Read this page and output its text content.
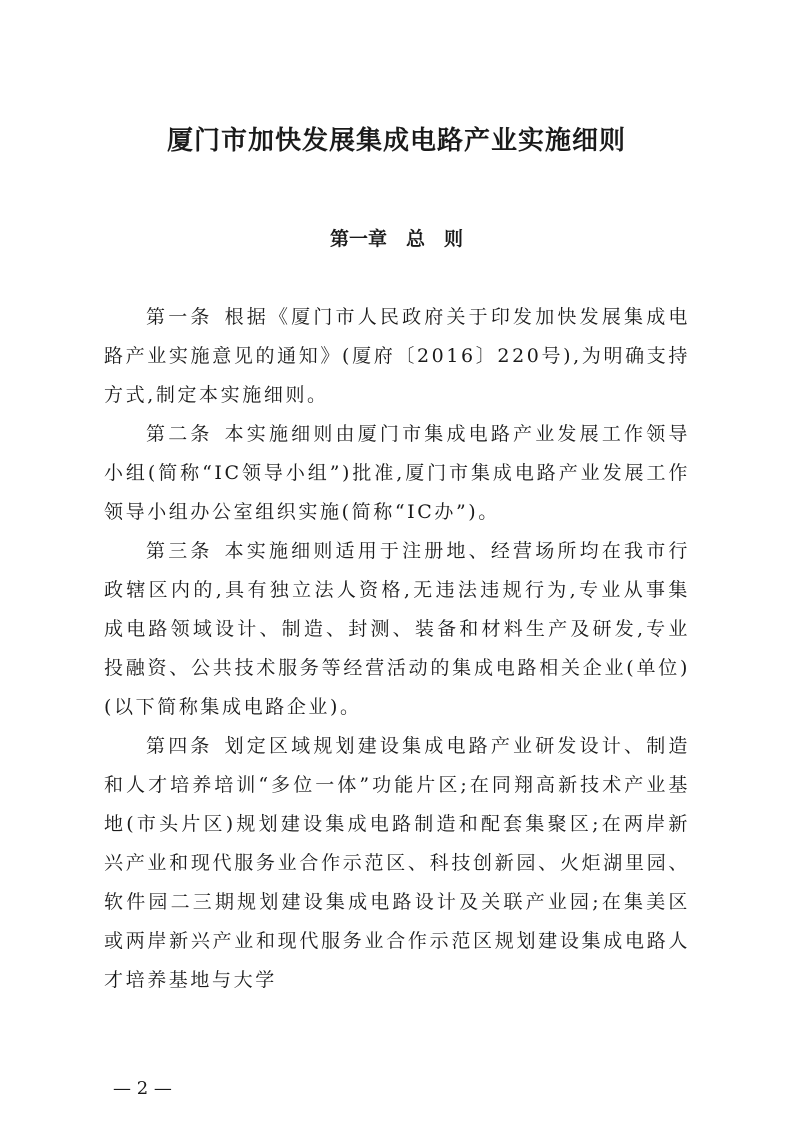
厦门市加快发展集成电路产业实施细则
第一章　总　则

第一条 根据《厦门市人民政府关于印发加快发展集成电路产业实施意见的通知》(厦府〔2016〕220号),为明确支持方式,制定本实施细则。

第二条 本实施细则由厦门市集成电路产业发展工作领导小组(简称“IC领导小组”)批准,厦门市集成电路产业发展工作领导小组办公室组织实施(简称“IC办”)。

第三条 本实施细则适用于注册地、经营场所均在我市行政辖区内的,具有独立法人资格,无违法违规行为,专业从事集成电路领域设计、制造、封测、装备和材料生产及研发,专业投融资、公共技术服务等经营活动的集成电路相关企业(单位)(以下简称集成电路企业)。

第四条 划定区域规划建设集成电路产业研发设计、制造和人才培养培训“多位一体”功能片区;在同翔高新技术产业基地(市头片区)规划建设集成电路制造和配套集聚区;在两岸新兴产业和现代服务业合作示范区、科技创新园、火炬湖里园、软件园二三期规划建设集成电路设计及关联产业园;在集美区或两岸新兴产业和现代服务业合作示范区规划建设集成电路人才培养基地与大学

— 2 —
